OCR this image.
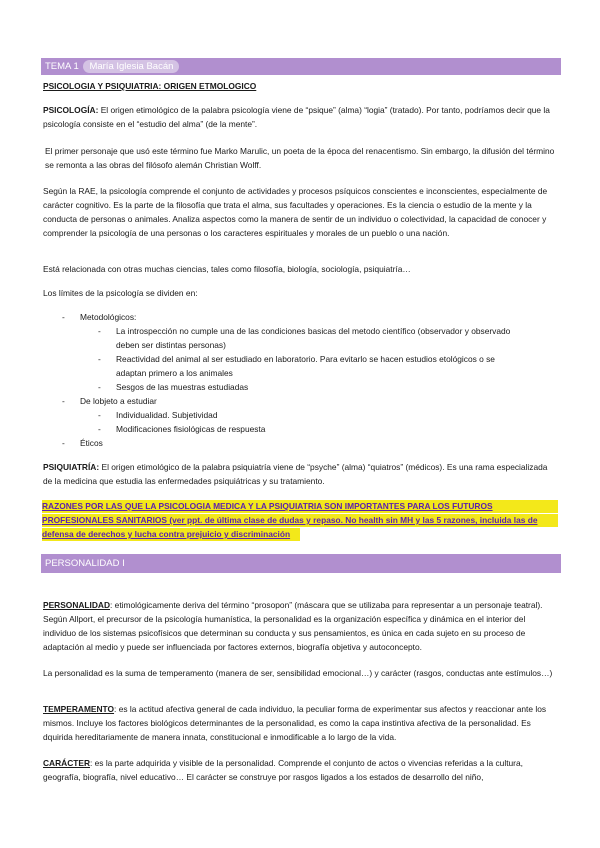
TEMA 1 María Iglesia Bacán

PSICOLOGIA Y PSIQUIATRIA: ORIGEN ETMOLOGICO

PSICOLOGÍA: El origen etimológico de la palabra psicología viene de “psique” (alma) “logia” (tratado). Por tanto, podríamos decir que la psicología consiste en el “estudio del alma” (de la mente”.

El primer personaje que usó este término fue Marko Marulic, un poeta de la época del renacentismo. Sin embargo, la difusión del término se remonta a las obras del filósofo alemán Christian Wolff.

Según la RAE, la psicología comprende el conjunto de actividades y procesos psíquicos conscientes e inconscientes, especialmente de carácter cognitivo. Es la parte de la filosofía que trata el alma, sus facultades y operaciones. Es la ciencia o estudio de la mente y la conducta de personas o animales. Analiza aspectos como la manera de sentir de un individuo o colectividad, la capacidad de conocer y comprender la psicología de una personas o los caracteres espirituales y morales de un pueblo o una nación.

Está relacionada con otras muchas ciencias, tales como filosofía, biología, sociología, psiquiatría…

Los límites de la psicología se dividen en:

- Metodológicos:
- La introspección no cumple una de las condiciones basicas del metodo científico (observador y observado
deben ser distintas personas)
- Reactividad del animal al ser estudiado en laboratorio. Para evitarlo se hacen estudios etológicos o se
adaptan primero a los animales
- Sesgos de las muestras estudiadas
- De lobjeto a estudiar
- Individualidad. Subjetividad
- Modificaciones fisiológicas de respuesta
- Éticos

PSIQUIATRÍA: El origen etimológico de la palabra psiquiatría viene de “psyche” (alma) “quiatros” (médicos). Es una rama especializada de la medicina que estudia las enfermedades psiquiátricas y su tratamiento.

RAZONES POR LAS QUE LA PSICOLOGIA MEDICA Y LA PSIQUIATRIA SON IMPORTANTES PARA LOS FUTUROS
PROFESIONALES SANITARIOS (ver ppt. de última clase de dudas y repaso. No health sin MH y las 5 razones, incluida las de
defensa de derechos y lucha contra prejuicio y discriminación
PERSONALIDAD I

PERSONALIDAD: etimológicamente deriva del término “prosopon” (máscara que se utilizaba para representar a un personaje teatral). Según Allport, el precursor de la psicología humanística, la personalidad es la organización específica y dinámica en el interior del individuo de los sistemas psicofísicos que determinan su conducta y sus pensamientos, es única en cada sujeto en su proceso de adaptación al medio y puede ser influenciada por factores externos, biografía objetiva y autoconcepto.

La personalidad es la suma de temperamento (manera de ser, sensibilidad emocional…) y carácter (rasgos, conductas ante estímulos…)

TEMPERAMENTO: es la actitud afectiva general de cada individuo, la peculiar forma de experimentar sus afectos y reaccionar ante los mismos. Incluye los factores biológicos determinantes de la personalidad, es como la capa instintiva afectiva de la personalidad. Es dquirida hereditariamente de manera innata, constitucional e inmodificable a lo largo de la vida.

CARÁCTER: es la parte adquirida y visible de la personalidad. Comprende el conjunto de actos o vivencias referidas a la cultura, geografía, biografía, nivel educativo… El carácter se construye por rasgos ligados a los estados de desarrollo del niño,
